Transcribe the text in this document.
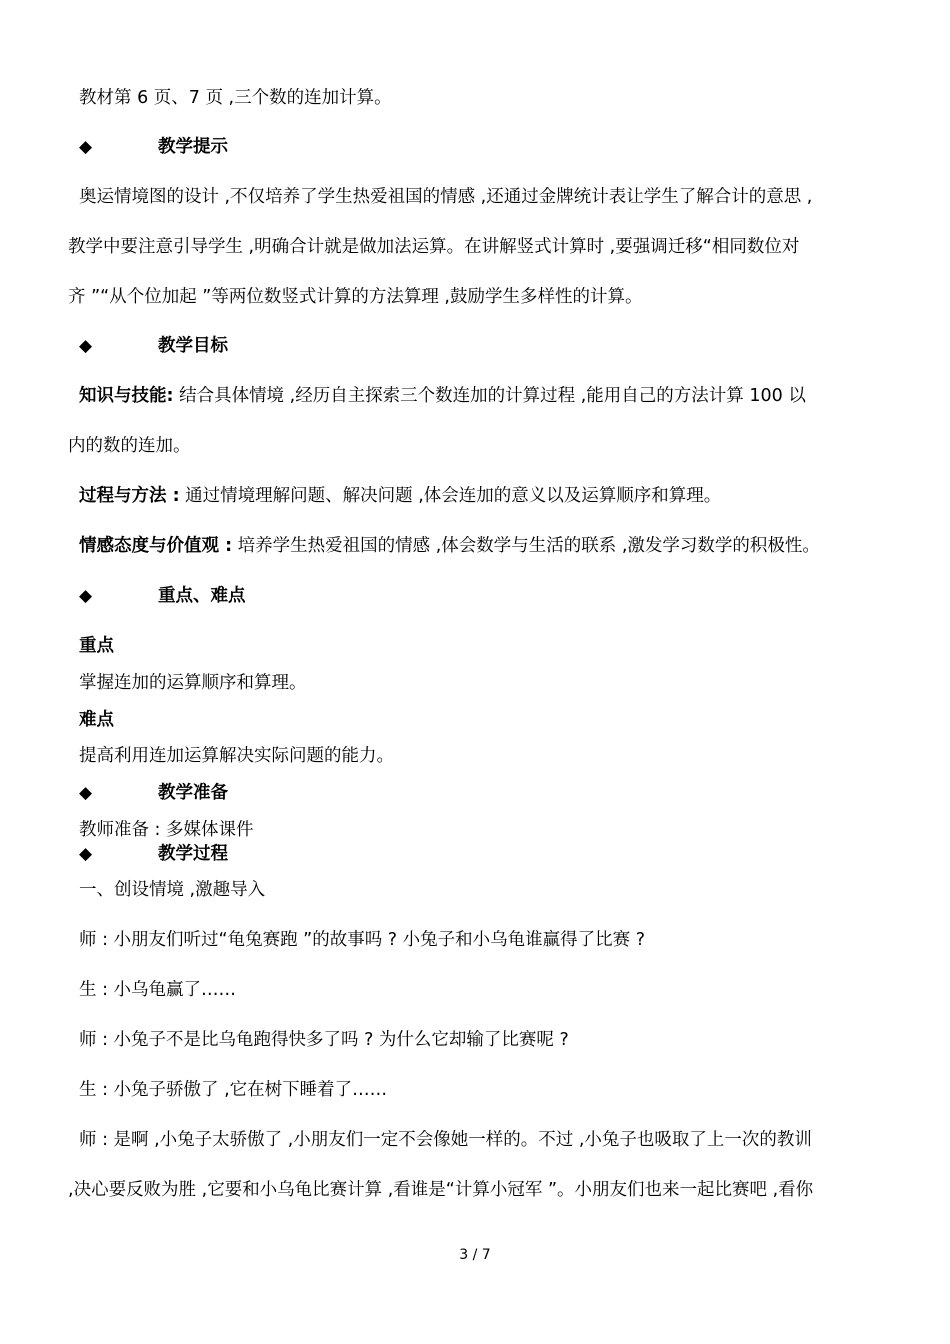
教材第 6 页、7 页 ,三个数的连加计算。
◆	教学提示
奥运情境图的设计 ,不仅培养了学生热爱祖国的情感 ,还通过金牌统计表让学生了解合计的意思 ,
教学中要注意引导学生 ,明确合计就是做加法运算。在讲解竖式计算时 ,要强调迁移“相同数位对
齐 ”“从个位加起 ”等两位数竖式计算的方法算理 ,鼓励学生多样性的计算。
◆	教学目标
知识与技能: 结合具体情境 ,经历自主探索三个数连加的计算过程 ,能用自己的方法计算 100 以
内的数的连加。
过程与方法 : 通过情境理解问题、解决问题 ,体会连加的意义以及运算顺序和算理。
情感态度与价值观 : 培养学生热爱祖国的情感 ,体会数学与生活的联系 ,激发学习数学的积极性。
◆	重点、难点
重点
掌握连加的运算顺序和算理。
难点
提高利用连加运算解决实际问题的能力。
◆	教学准备
教师准备 : 多媒体课件
◆	教学过程
一、创设情境 ,激趣导入
师 : 小朋友们听过“龟兔赛跑 ”的故事吗 ? 小兔子和小乌龟谁赢得了比赛 ?
生 : 小乌龟赢了……
师 : 小兔子不是比乌龟跑得快多了吗 ? 为什么它却输了比赛呢 ?
生 : 小兔子骄傲了 ,它在树下睡着了……
师 : 是啊 ,小兔子太骄傲了 ,小朋友们一定不会像她一样的。不过 ,小兔子也吸取了上一次的教训
,决心要反败为胜 ,它要和小乌龟比赛计算 ,看谁是“计算小冠军 ”。小朋友们也来一起比赛吧 ,看你
3 / 7
